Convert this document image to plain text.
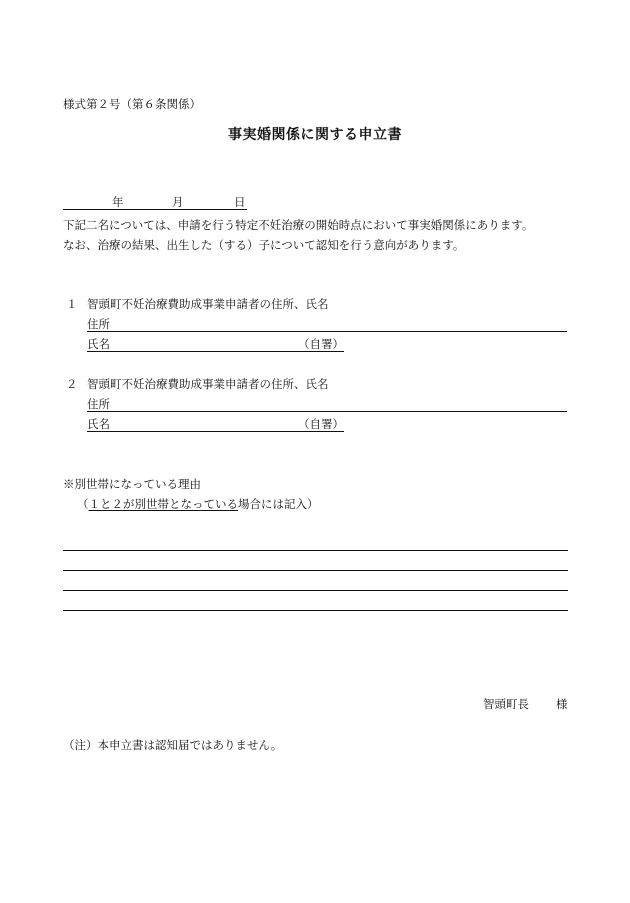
様式第２号（第６条関係）
事実婚関係に関する申立書
年	月	日
下記二名については、申請を行う特定不妊治療の開始時点において事実婚関係にあります。
なお、治療の結果、出生した（する）子について認知を行う意向があります。
１ 智頭町不妊治療費助成事業申請者の住所、氏名
住所
氏名	（自署）
２ 智頭町不妊治療費助成事業申請者の住所、氏名
住所
氏名	（自署）
※別世帯になっている理由
（１と２が別世帯となっている場合には記入）
智頭町長 様
（注）本申立書は認知届ではありません。
